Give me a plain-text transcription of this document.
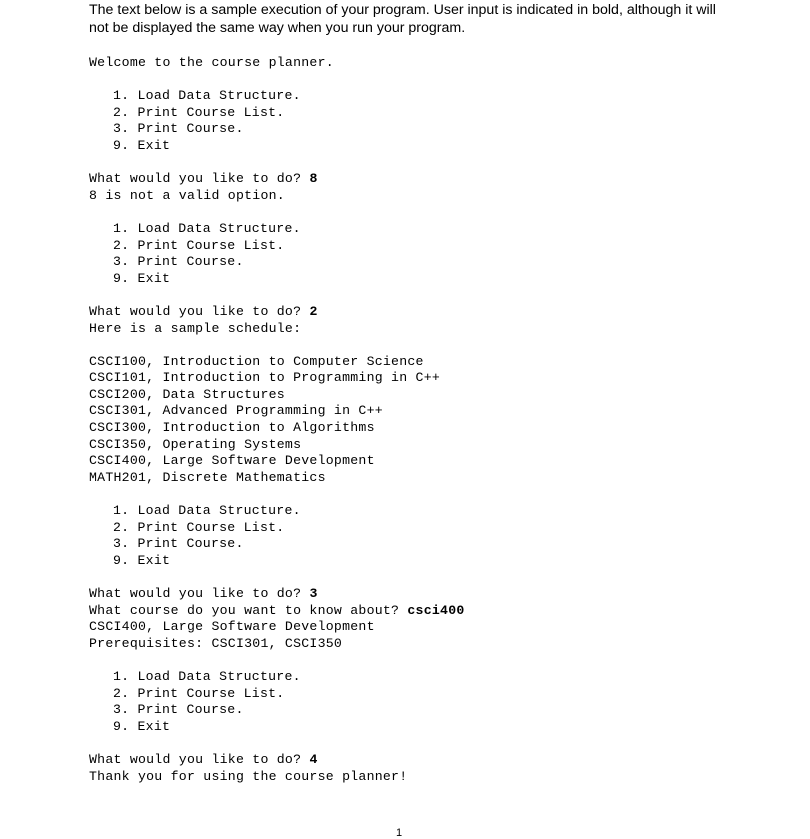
The text below is a sample execution of your program. User input is indicated in bold, although it will
not be displayed the same way when you run your program.
Welcome to the course planner.
1. Load Data Structure.
2. Print Course List.
3. Print Course.
9. Exit
What would you like to do? 8
8 is not a valid option.
1. Load Data Structure.
2. Print Course List.
3. Print Course.
9. Exit
What would you like to do? 2
Here is a sample schedule:
CSCI100, Introduction to Computer Science
CSCI101, Introduction to Programming in C++
CSCI200, Data Structures
CSCI301, Advanced Programming in C++
CSCI300, Introduction to Algorithms
CSCI350, Operating Systems
CSCI400, Large Software Development
MATH201, Discrete Mathematics
1. Load Data Structure.
2. Print Course List.
3. Print Course.
9. Exit
What would you like to do? 3
What course do you want to know about? csci400
CSCI400, Large Software Development
Prerequisites: CSCI301, CSCI350
1. Load Data Structure.
2. Print Course List.
3. Print Course.
9. Exit
What would you like to do? 4
Thank you for using the course planner!
1
